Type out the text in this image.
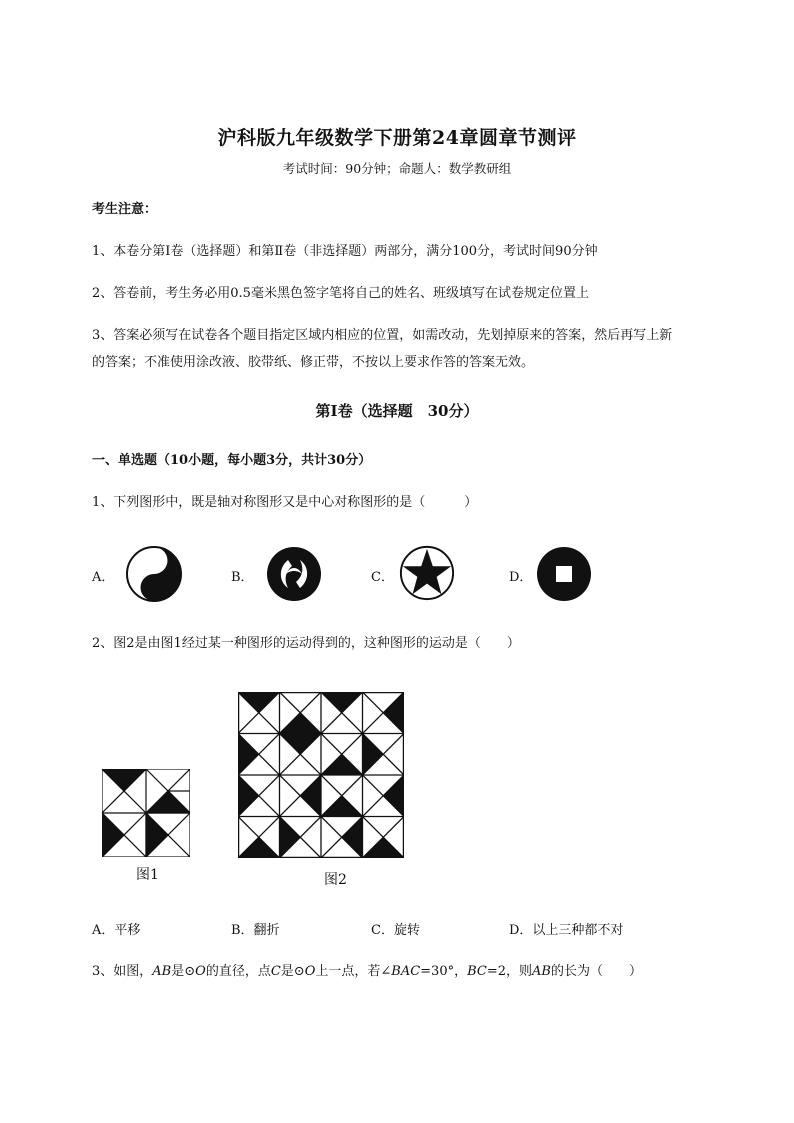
沪科版九年级数学下册第24章圆章节测评
考试时间：90分钟；命题人：数学教研组
考生注意：
1、本卷分第Ⅰ卷（选择题）和第Ⅱ卷（非选择题）两部分，满分100分，考试时间90分钟
2、答卷前，考生务必用0.5毫米黑色签字笔将自己的姓名、班级填写在试卷规定位置上
3、答案必须写在试卷各个题目指定区域内相应的位置，如需改动，先划掉原来的答案，然后再写上新
的答案；不准使用涂改液、胶带纸、修正带，不按以上要求作答的答案无效。
第Ⅰ卷（选择题　30分）
一、单选题（10小题，每小题3分，共计30分）
1、下列图形中，既是轴对称图形又是中心对称图形的是（　　　）
A．	B．	C．	D．
2、图2是由图1经过某一种图形的运动得到的，这种图形的运动是（　　）
图1	图2
A．平移	B．翻折	C．旋转	D．以上三种都不对
3、如图，AB是⊙O的直径，点C是⊙O上一点，若∠BAC=30°，BC=2，则AB的长为（　　）
